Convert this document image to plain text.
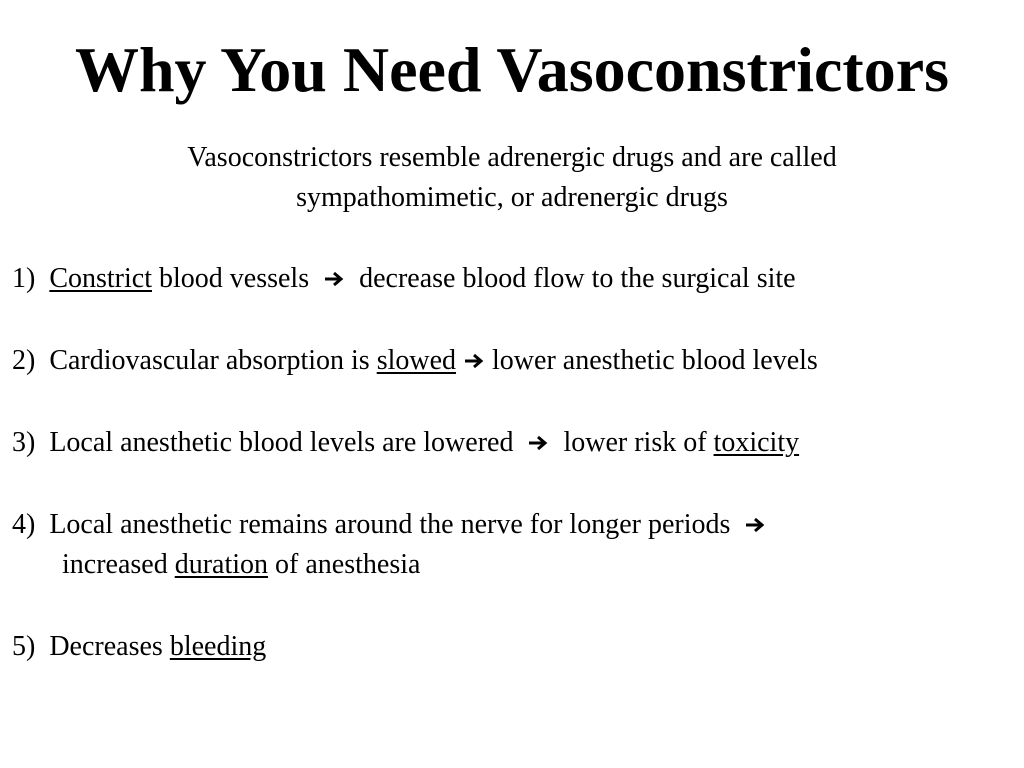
Why You Need Vasoconstrictors

Vasoconstrictors resemble adrenergic drugs and are called
sympathomimetic, or adrenergic drugs

1) Constrict blood vessels decrease blood flow to the surgical site

2) Cardiovascular absorption is slowed lower anesthetic blood levels

3) Local anesthetic blood levels are lowered lower risk of toxicity

4) Local anesthetic remains around the nerve for longer periods
increased duration of anesthesia

5) Decreases bleeding
